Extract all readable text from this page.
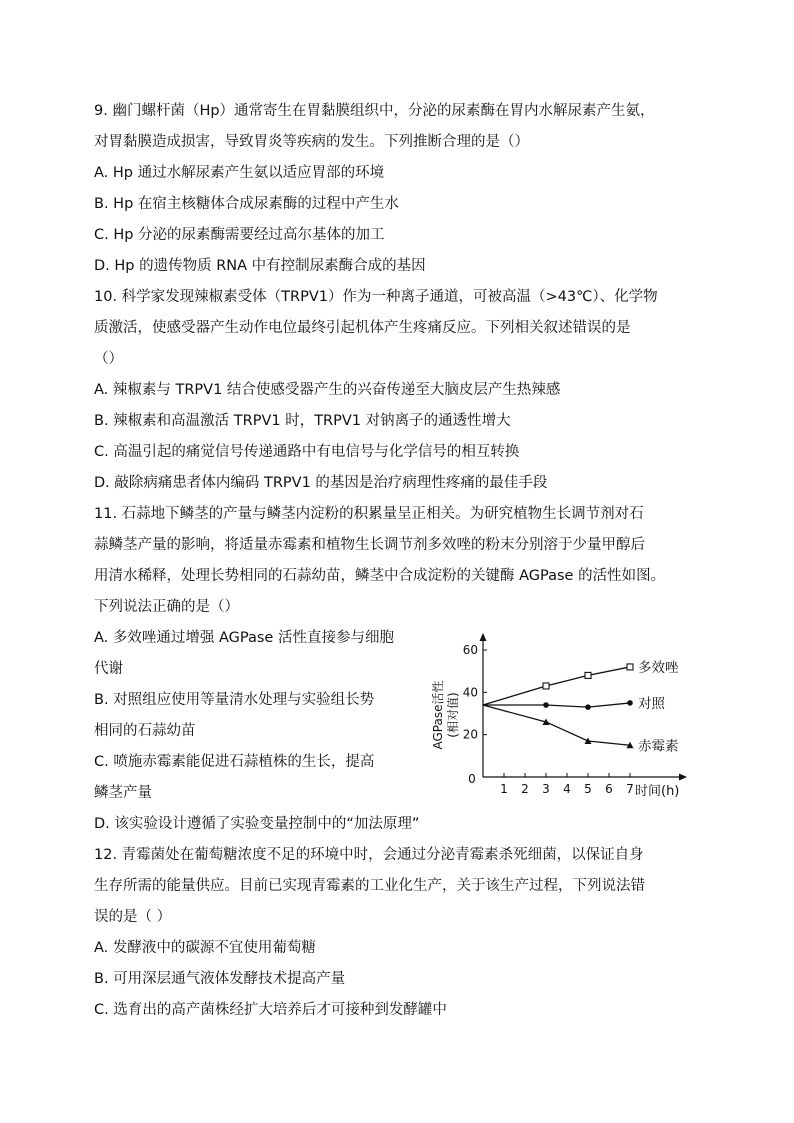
9. 幽门螺杆菌（Hp）通常寄生在胃黏膜组织中，分泌的尿素酶在胃内水解尿素产生氨，
对胃黏膜造成损害，导致胃炎等疾病的发生。下列推断合理的是（）
A. Hp 通过水解尿素产生氨以适应胃部的环境
B. Hp 在宿主核糖体合成尿素酶的过程中产生水
C. Hp 分泌的尿素酶需要经过高尔基体的加工
D. Hp 的遗传物质 RNA 中有控制尿素酶合成的基因
10. 科学家发现辣椒素受体（TRPV1）作为一种离子通道，可被高温（>43℃）、化学物
质激活，使感受器产生动作电位最终引起机体产生疼痛反应。下列相关叙述错误的是
（）
A. 辣椒素与 TRPV1 结合使感受器产生的兴奋传递至大脑皮层产生热辣感
B. 辣椒素和高温激活 TRPV1 时，TRPV1 对钠离子的通透性增大
C. 高温引起的痛觉信号传递通路中有电信号与化学信号的相互转换
D. 敲除病痛患者体内编码 TRPV1 的基因是治疗病理性疼痛的最佳手段
11. 石蒜地下鳞茎的产量与鳞茎内淀粉的积累量呈正相关。为研究植物生长调节剂对石
蒜鳞茎产量的影响，将适量赤霉素和植物生长调节剂多效唑的粉末分别溶于少量甲醇后
用清水稀释，处理长势相同的石蒜幼苗，鳞茎中合成淀粉的关键酶 AGPase 的活性如图。
下列说法正确的是（）
A. 多效唑通过增强 AGPase 活性直接参与细胞
代谢
B. 对照组应使用等量清水处理与实验组长势
相同的石蒜幼苗
C. 喷施赤霉素能促进石蒜植株的生长，提高
鳞茎产量
D. 该实验设计遵循了实验变量控制中的“加法原理”
1 2 3 4 5 6 7
20
40
60
多效唑
对照
赤霉素
AGPase活性 (相对值)
时间(h)
0
12. 青霉菌处在葡萄糖浓度不足的环境中时，会通过分泌青霉素杀死细菌，以保证自身
生存所需的能量供应。目前已实现青霉素的工业化生产，关于该生产过程，下列说法错
误的是（ ）
A. 发酵液中的碳源不宜使用葡萄糖
B. 可用深层通气液体发酵技术提高产量
C. 选育出的高产菌株经扩大培养后才可接种到发酵罐中
